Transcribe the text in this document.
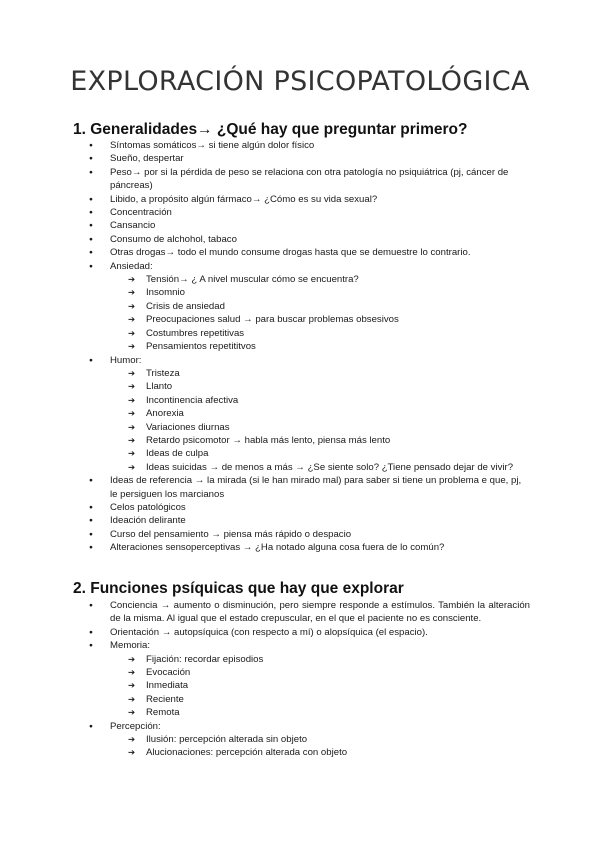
EXPLORACIÓN PSICOPATOLÓGICA
1. Generalidades→ ¿Qué hay que preguntar primero?
● Síntomas somáticos→ si tiene algún dolor físico
● Sueño, despertar
● Peso→ por si la pérdida de peso se relaciona con otra patología no psiquiátrica (pj, cáncer de páncreas)
● Libido, a propósito algún fármaco→ ¿Cómo es su vida sexual?
● Concentración
● Cansancio
● Consumo de alchohol, tabaco
● Otras drogas→ todo el mundo consume drogas hasta que se demuestre lo contrario.
● Ansiedad:
➔ Tensión→ ¿ A nivel muscular cómo se encuentra?
➔ Insomnio
➔ Crisis de ansiedad
➔ Preocupaciones salud → para buscar problemas obsesivos
➔ Costumbres repetitivas
➔ Pensamientos repetititvos
● Humor:
➔ Tristeza
➔ Llanto
➔ Incontinencia afectiva
➔ Anorexia
➔ Variaciones diurnas
➔ Retardo psicomotor → habla más lento, piensa más lento
➔ Ideas de culpa
➔ Ideas suicidas → de menos a más → ¿Se siente solo? ¿Tiene pensado dejar de vivir?
● Ideas de referencia → la mirada (si le han mirado mal) para saber si tiene un problema e que, pj, le persiguen los marcianos
● Celos patológicos
● Ideación delirante
● Curso del pensamiento → piensa más rápido o despacio
● Alteraciones sensoperceptivas → ¿Ha notado alguna cosa fuera de lo común?
2. Funciones psíquicas que hay que explorar
● Conciencia → aumento o disminución, pero siempre responde a estímulos. También la alteración de la misma. Al igual que el estado crepuscular, en el que el paciente no es consciente.
● Orientación → autopsíquica (con respecto a mí) o alopsíquica (el espacio).
● Memoria:
➔ Fijación: recordar episodios
➔ Evocación
➔ Inmediata
➔ Reciente
➔ Remota
● Percepción:
➔ Ilusión: percepción alterada sin objeto
➔ Alucionaciones: percepción alterada con objeto
